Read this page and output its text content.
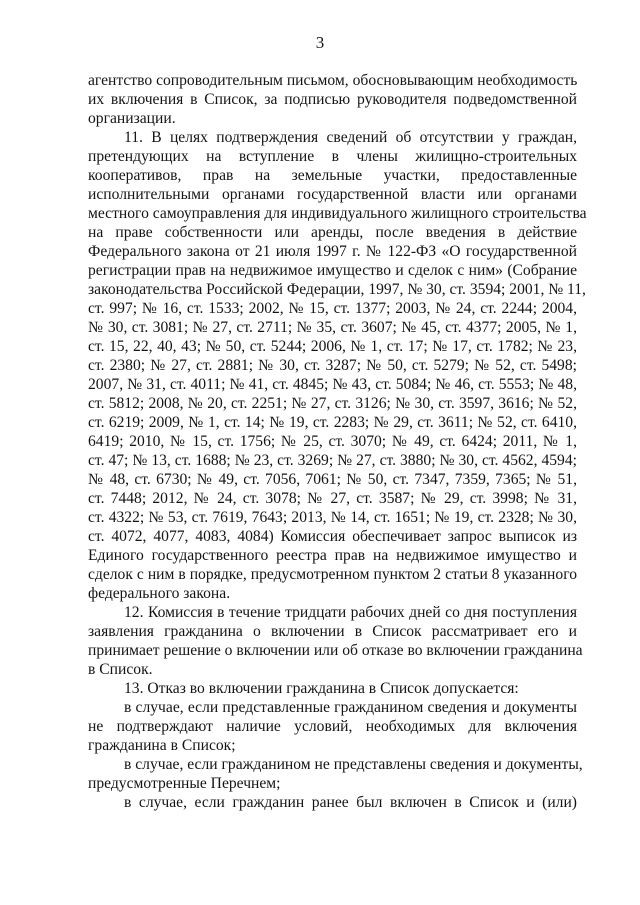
3
агентство сопроводительным письмом, обосновывающим необходимость
их включения в Список, за подписью руководителя подведомственной
организации.
11. В целях подтверждения сведений об отсутствии у граждан,
претендующих на вступление в члены жилищно-строительных
кооперативов, прав на земельные участки, предоставленные
исполнительными органами государственной власти или органами
местного самоуправления для индивидуального жилищного строительства
на праве собственности или аренды, после введения в действие
Федерального закона от 21 июля 1997 г. № 122-ФЗ «О государственной
регистрации прав на недвижимое имущество и сделок с ним» (Собрание
законодательства Российской Федерации, 1997, № 30, ст. 3594; 2001, № 11,
ст. 997; № 16, ст. 1533; 2002, № 15, ст. 1377; 2003, № 24, ст. 2244; 2004,
№ 30, ст. 3081; № 27, ст. 2711; № 35, ст. 3607; № 45, ст. 4377; 2005, № 1,
ст. 15, 22, 40, 43; № 50, ст. 5244; 2006, № 1, ст. 17; № 17, ст. 1782; № 23,
ст. 2380; № 27, ст. 2881; № 30, ст. 3287; № 50, ст. 5279; № 52, ст. 5498;
2007, № 31, ст. 4011; № 41, ст. 4845; № 43, ст. 5084; № 46, ст. 5553; № 48,
ст. 5812; 2008, № 20, ст. 2251; № 27, ст. 3126; № 30, ст. 3597, 3616; № 52,
ст. 6219; 2009, № 1, ст. 14; № 19, ст. 2283; № 29, ст. 3611; № 52, ст. 6410,
6419; 2010, № 15, ст. 1756; № 25, ст. 3070; № 49, ст. 6424; 2011, № 1,
ст. 47; № 13, ст. 1688; № 23, ст. 3269; № 27, ст. 3880; № 30, ст. 4562, 4594;
№ 48, ст. 6730; № 49, ст. 7056, 7061; № 50, ст. 7347, 7359, 7365; № 51,
ст. 7448; 2012, № 24, ст. 3078; № 27, ст. 3587; № 29, ст. 3998; № 31,
ст. 4322; № 53, ст. 7619, 7643; 2013, № 14, ст. 1651; № 19, ст. 2328; № 30,
ст. 4072, 4077, 4083, 4084) Комиссия обеспечивает запрос выписок из
Единого государственного реестра прав на недвижимое имущество и
сделок с ним в порядке, предусмотренном пунктом 2 статьи 8 указанного
федерального закона.
12. Комиссия в течение тридцати рабочих дней со дня поступления
заявления гражданина о включении в Список рассматривает его и
принимает решение о включении или об отказе во включении гражданина
в Список.
13. Отказ во включении гражданина в Список допускается:
в случае, если представленные гражданином сведения и документы
не подтверждают наличие условий, необходимых для включения
гражданина в Список;
в случае, если гражданином не представлены сведения и документы,
предусмотренные Перечнем;
в случае, если гражданин ранее был включен в Список и (или)
